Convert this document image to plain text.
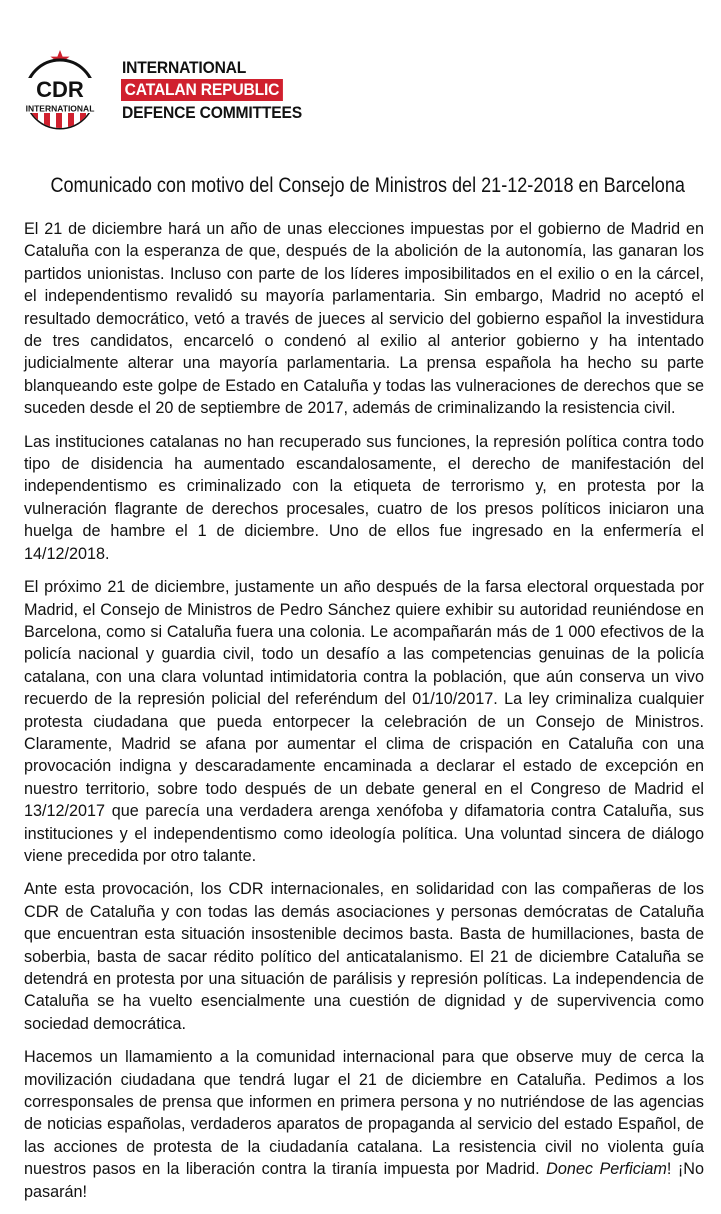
CDR
INTERNATIONAL
INTERNATIONAL
CATALAN REPUBLIC
DEFENCE COMMITTEES
Comunicado con motivo del Consejo de Ministros del 21-12-2018 en Barcelona

El 21 de diciembre hará un año de unas elecciones impuestas por el gobierno de Madrid en Cataluña con la esperanza de que, después de la abolición de la autonomía, las ganaran los partidos unionistas. Incluso con parte de los líderes imposibilitados en el exilio o en la cárcel, el independentismo revalidó su mayoría parlamentaria. Sin embargo, Madrid no aceptó el resultado democrático, vetó a través de jueces al servicio del gobierno español la investidura de tres candidatos, encarceló o condenó al exilio al anterior gobierno y ha intentado judicialmente alterar una mayoría parlamentaria. La prensa española ha hecho su parte blanqueando este golpe de Estado en Cataluña y todas las vulneraciones de derechos que se suceden desde el 20 de septiembre de 2017, además de criminalizando la resistencia civil.

Las instituciones catalanas no han recuperado sus funciones, la represión política contra todo tipo de disidencia ha aumentado escandalosamente, el derecho de manifestación del independentismo es criminalizado con la etiqueta de terrorismo y, en protesta por la vulneración flagrante de derechos procesales, cuatro de los presos políticos iniciaron una huelga de hambre el 1 de diciembre. Uno de ellos fue ingresado en la enfermería el 14/12/2018.

El próximo 21 de diciembre, justamente un año después de la farsa electoral orquestada por Madrid, el Consejo de Ministros de Pedro Sánchez quiere exhibir su autoridad reuniéndose en Barcelona, como si Cataluña fuera una colonia. Le acompañarán más de 1 000 efectivos de la policía nacional y guardia civil, todo un desafío a las competencias genuinas de la policía catalana, con una clara voluntad intimidatoria contra la población, que aún conserva un vivo recuerdo de la represión policial del referéndum del 01/10/2017. La ley criminaliza cualquier protesta ciudadana que pueda entorpecer la celebración de un Consejo de Ministros. Claramente, Madrid se afana por aumentar el clima de crispación en Cataluña con una provocación indigna y descaradamente encaminada a declarar el estado de excepción en nuestro territorio, sobre todo después de un debate general en el Congreso de Madrid el 13/12/2017 que parecía una verdadera arenga xenófoba y difamatoria contra Cataluña, sus instituciones y el independentismo como ideología política. Una voluntad sincera de diálogo viene precedida por otro talante.

Ante esta provocación, los CDR internacionales, en solidaridad con las compañeras de los CDR de Cataluña y con todas las demás asociaciones y personas demócratas de Cataluña que encuentran esta situación insostenible decimos basta. Basta de humillaciones, basta de soberbia, basta de sacar rédito político del anticatalanismo. El 21 de diciembre Cataluña se detendrá en protesta por una situación de parálisis y represión políticas. La independencia de Cataluña se ha vuelto esencialmente una cuestión de dignidad y de supervivencia como sociedad democrática.

Hacemos un llamamiento a la comunidad internacional para que observe muy de cerca la movilización ciudadana que tendrá lugar el 21 de diciembre en Cataluña. Pedimos a los corresponsales de prensa que informen en primera persona y no nutriéndose de las agencias de noticias españolas, verdaderos aparatos de propaganda al servicio del estado Español, de las acciones de protesta de la ciudadanía catalana. La resistencia civil no violenta guía nuestros pasos en la liberación contra la tiranía impuesta por Madrid. Donec Perficiam! ¡No pasarán!
